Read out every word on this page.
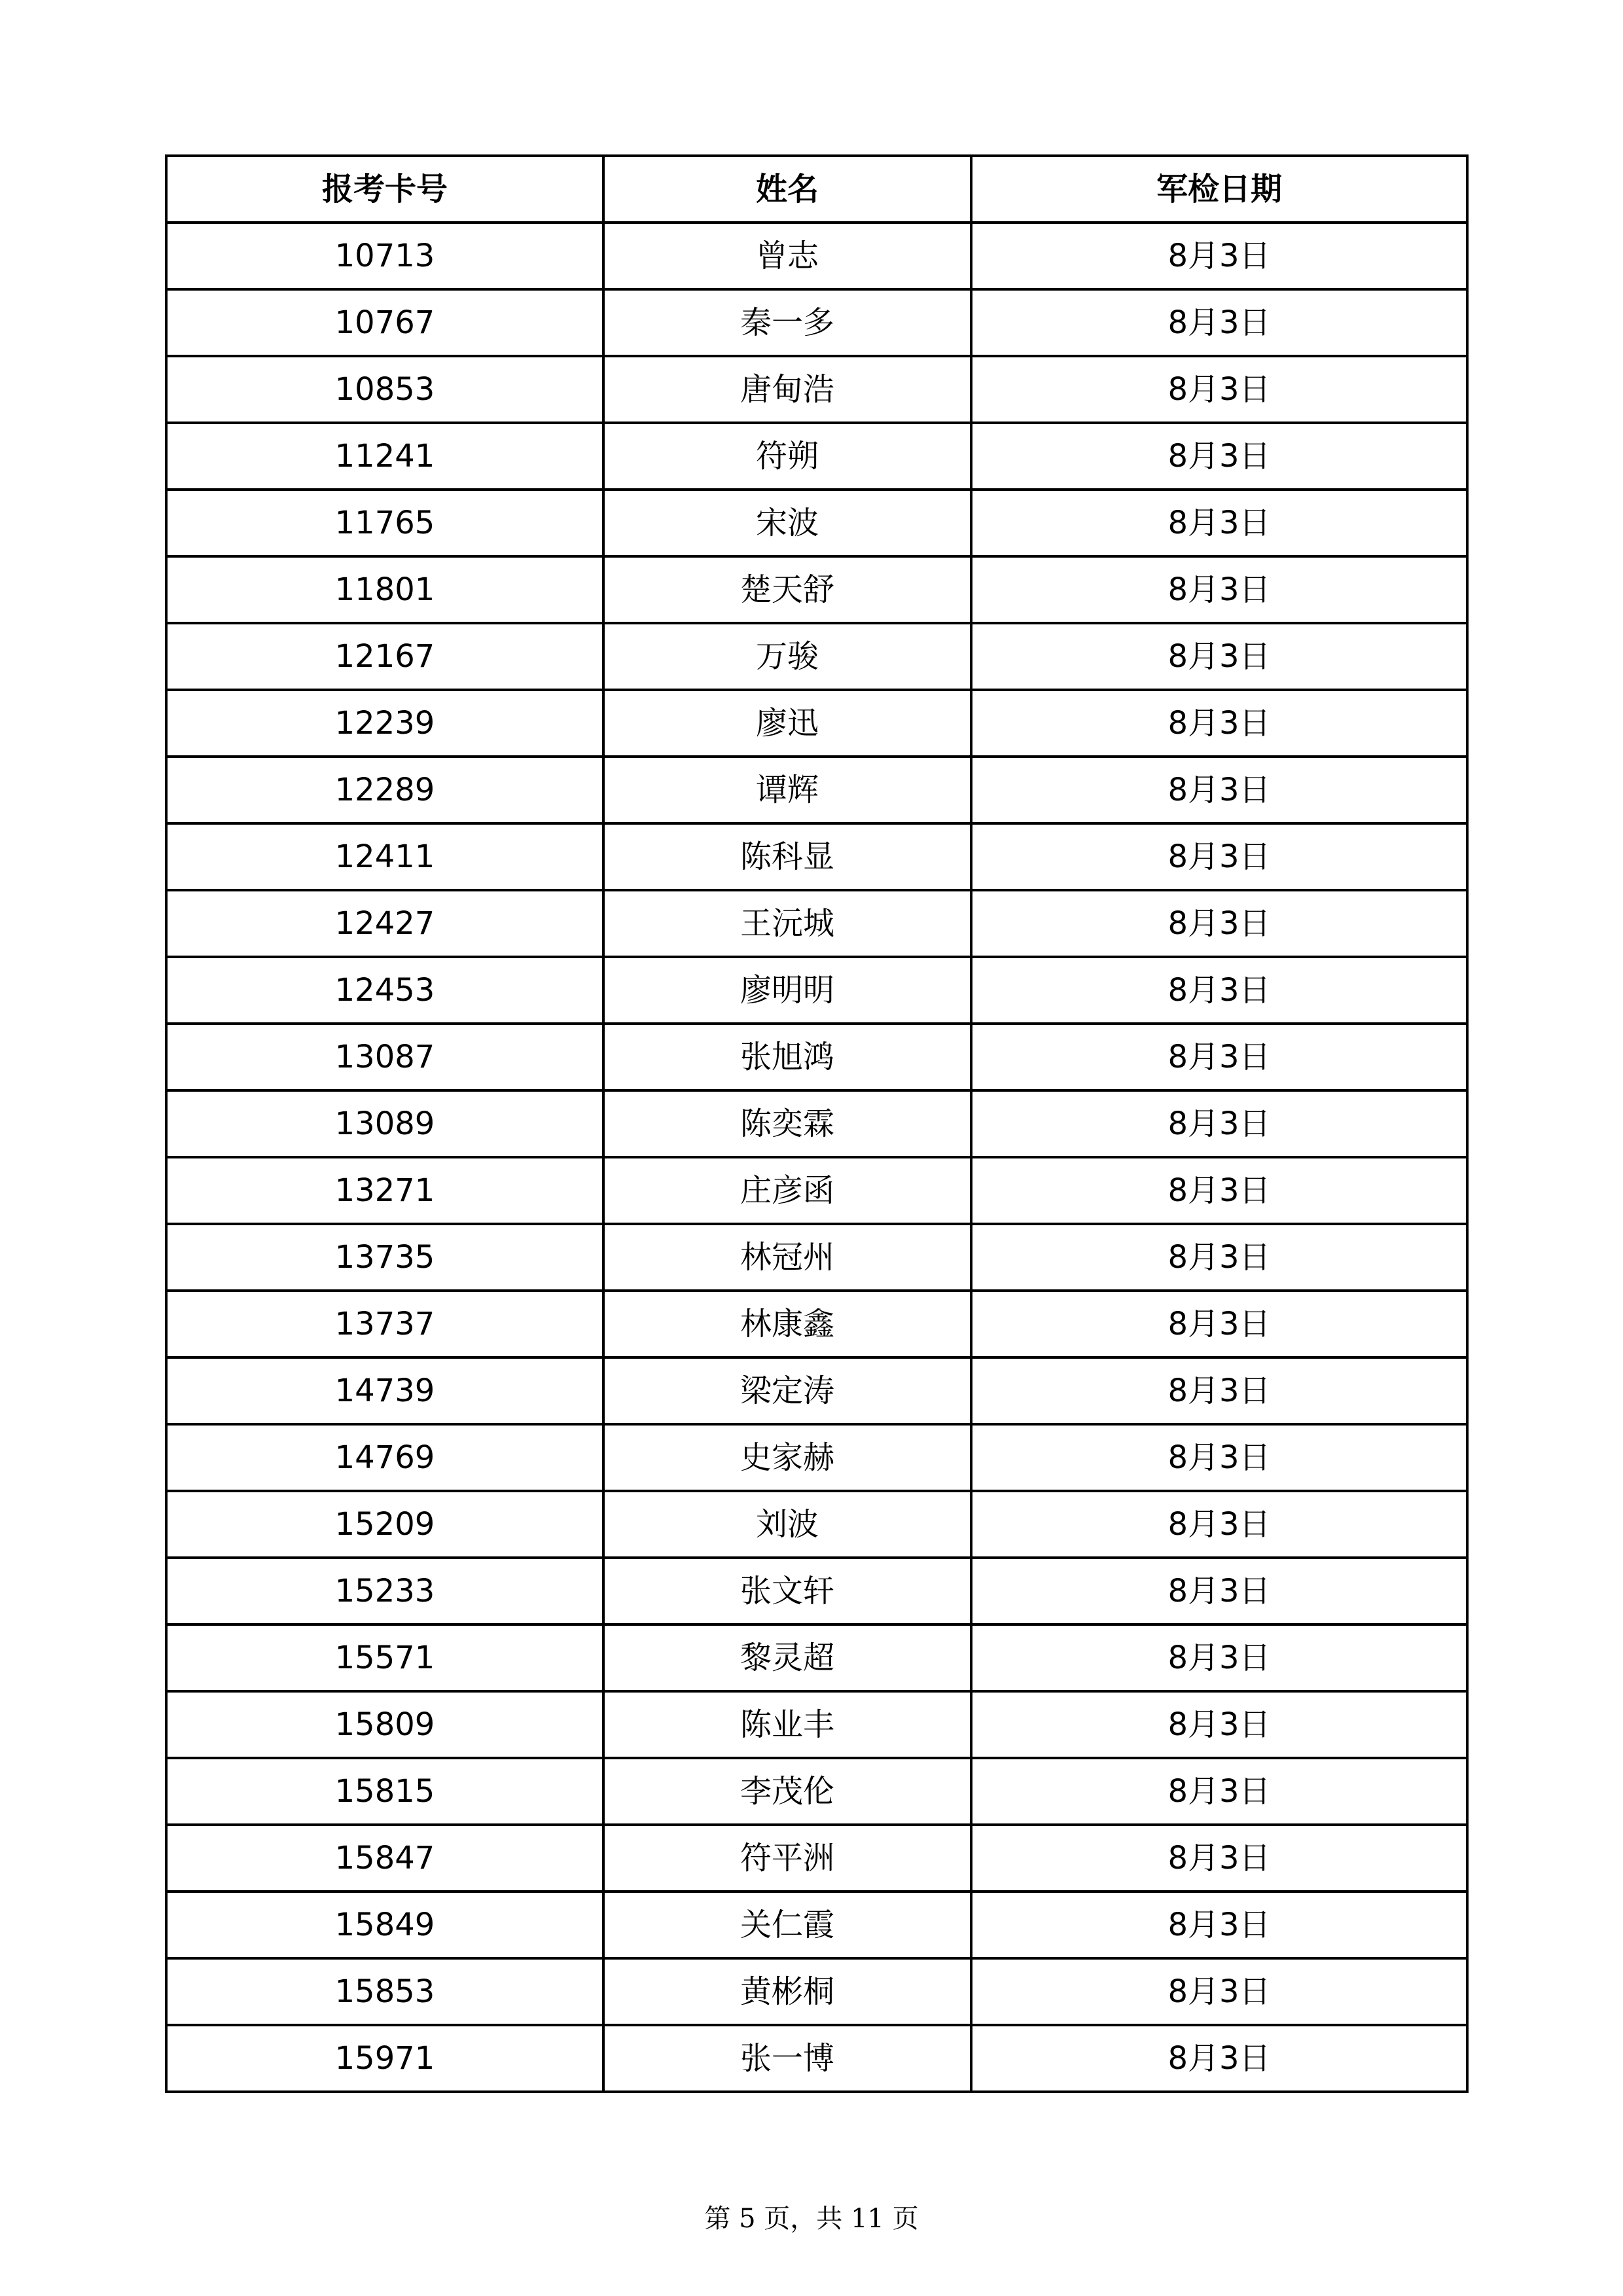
报考卡号	姓名	军检日期
10713	曾志	8月3日
10767	秦一多	8月3日
10853	唐甸浩	8月3日
11241	符朔	8月3日
11765	宋波	8月3日
11801	楚天舒	8月3日
12167	万骏	8月3日
12239	廖迅	8月3日
12289	谭辉	8月3日
12411	陈科显	8月3日
12427	王沅城	8月3日
12453	廖明明	8月3日
13087	张旭鸿	8月3日
13089	陈奕霖	8月3日
13271	庄彦函	8月3日
13735	林冠州	8月3日
13737	林康鑫	8月3日
14739	梁定涛	8月3日
14769	史家赫	8月3日
15209	刘波	8月3日
15233	张文轩	8月3日
15571	黎灵超	8月3日
15809	陈业丰	8月3日
15815	李茂伦	8月3日
15847	符平洲	8月3日
15849	关仁霞	8月3日
15853	黄彬桐	8月3日
15971	张一博	8月3日
第 5 页，共 11 页
